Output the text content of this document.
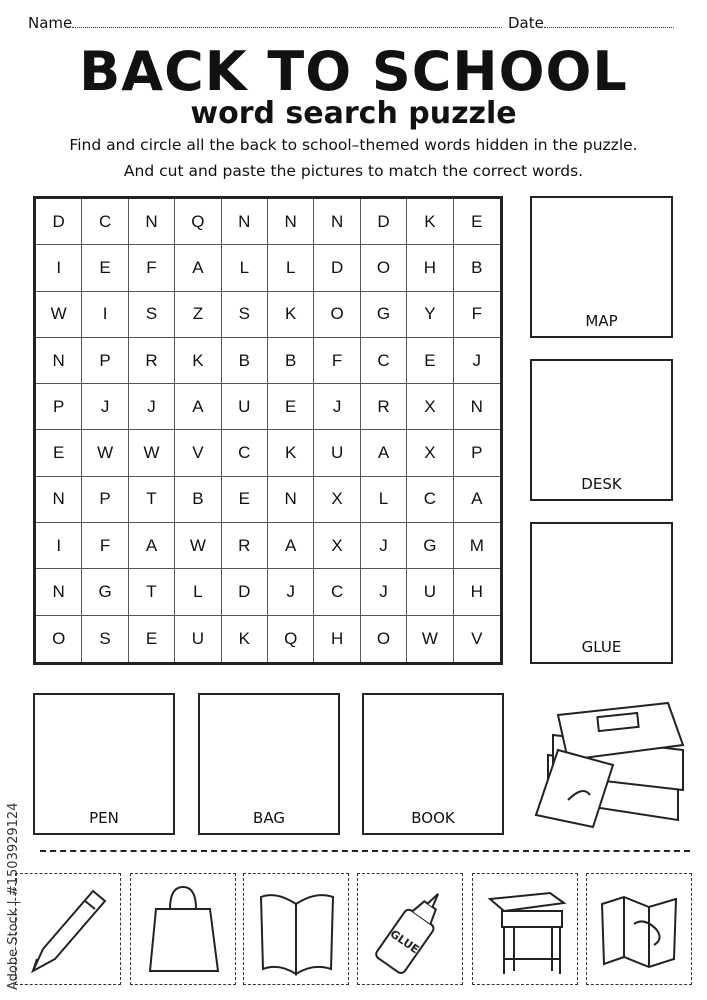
Name	Date
BACK TO SCHOOL
word search puzzle
Find and circle all the back to school–themed words hidden in the puzzle.
And cut and paste the pictures to match the correct words.
D	C	N	Q	N	N	N	D	K	E
I	E	F	A	L	L	D	O	H	B
W	I	S	Z	S	K	O	G	Y	F
N	P	R	K	B	B	F	C	E	J
P	J	J	A	U	E	J	R	X	N
E	W	W	V	C	K	U	A	X	P
N	P	T	B	E	N	X	L	C	A
I	F	A	W	R	A	X	J	G	M
N	G	T	L	D	J	C	J	U	H
O	S	E	U	K	Q	H	O	W	V
MAP
DESK
GLUE
PEN	BAG	BOOK
GLUE
Adobe Stock | #1503929124
